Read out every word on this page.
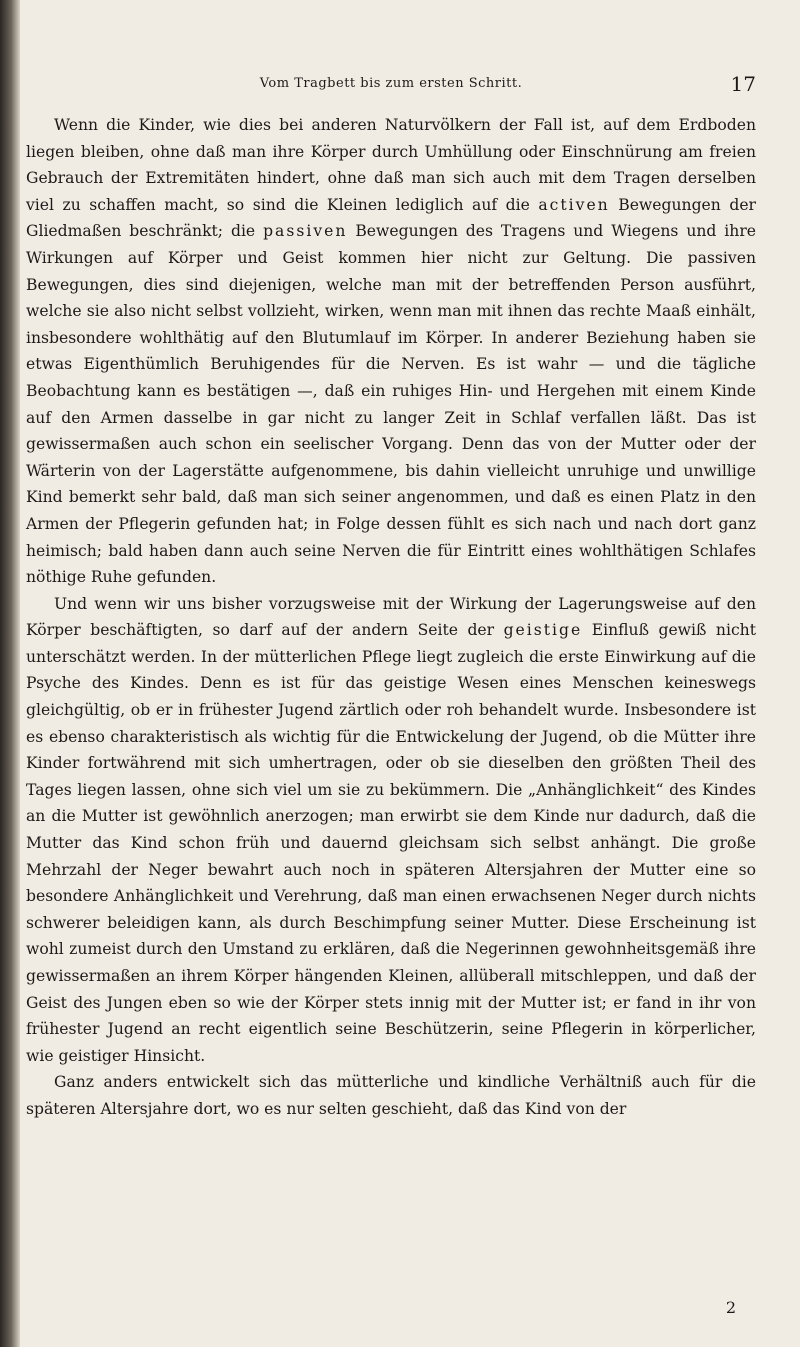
Vom Tragbett bis zum ersten Schritt.	17

Wenn die Kinder, wie dies bei anderen Naturvölkern der Fall ist, auf dem Erdboden liegen bleiben, ohne daß man ihre Körper durch Umhüllung oder Einschnürung am freien Gebrauch der Extremitäten hindert, ohne daß man sich auch mit dem Tragen derselben viel zu schaffen macht, so sind die Kleinen lediglich auf die activen Bewegungen der Gliedmaßen beschränkt; die passiven Bewegungen des Tragens und Wiegens und ihre Wirkungen auf Körper und Geist kommen hier nicht zur Geltung. Die passiven Bewegungen, dies sind diejenigen, welche man mit der betreffenden Person ausführt, welche sie also nicht selbst vollzieht, wirken, wenn man mit ihnen das rechte Maaß einhält, insbesondere wohlthätig auf den Blutumlauf im Körper. In anderer Beziehung haben sie etwas Eigenthümlich Beruhigendes für die Nerven. Es ist wahr — und die tägliche Beobachtung kann es bestätigen —, daß ein ruhiges Hin- und Hergehen mit einem Kinde auf den Armen dasselbe in gar nicht zu langer Zeit in Schlaf verfallen läßt. Das ist gewissermaßen auch schon ein seelischer Vorgang. Denn das von der Mutter oder der Wärterin von der Lagerstätte aufgenommene, bis dahin vielleicht unruhige und unwillige Kind bemerkt sehr bald, daß man sich seiner angenommen, und daß es einen Platz in den Armen der Pflegerin gefunden hat; in Folge dessen fühlt es sich nach und nach dort ganz heimisch; bald haben dann auch seine Nerven die für Eintritt eines wohlthätigen Schlafes nöthige Ruhe gefunden.

Und wenn wir uns bisher vorzugsweise mit der Wirkung der Lagerungsweise auf den Körper beschäftigten, so darf auf der andern Seite der geistige Einfluß gewiß nicht unterschätzt werden. In der mütterlichen Pflege liegt zugleich die erste Einwirkung auf die Psyche des Kindes. Denn es ist für das geistige Wesen eines Menschen keineswegs gleichgültig, ob er in frühester Jugend zärtlich oder roh behandelt wurde. Insbesondere ist es ebenso charakteristisch als wichtig für die Entwickelung der Jugend, ob die Mütter ihre Kinder fortwährend mit sich umhertragen, oder ob sie dieselben den größten Theil des Tages liegen lassen, ohne sich viel um sie zu bekümmern. Die „Anhänglichkeit“ des Kindes an die Mutter ist gewöhnlich anerzogen; man erwirbt sie dem Kinde nur dadurch, daß die Mutter das Kind schon früh und dauernd gleichsam sich selbst anhängt. Die große Mehrzahl der Neger bewahrt auch noch in späteren Altersjahren der Mutter eine so besondere Anhänglichkeit und Verehrung, daß man einen erwachsenen Neger durch nichts schwerer beleidigen kann, als durch Beschimpfung seiner Mutter. Diese Erscheinung ist wohl zumeist durch den Umstand zu erklären, daß die Negerinnen gewohnheitsgemäß ihre gewissermaßen an ihrem Körper hängenden Kleinen, allüberall mitschleppen, und daß der Geist des Jungen eben so wie der Körper stets innig mit der Mutter ist; er fand in ihr von frühester Jugend an recht eigentlich seine Beschützerin, seine Pflegerin in körperlicher, wie geistiger Hinsicht.

Ganz anders entwickelt sich das mütterliche und kindliche Verhältniß auch für die späteren Altersjahre dort, wo es nur selten geschieht, daß das Kind von der

2
